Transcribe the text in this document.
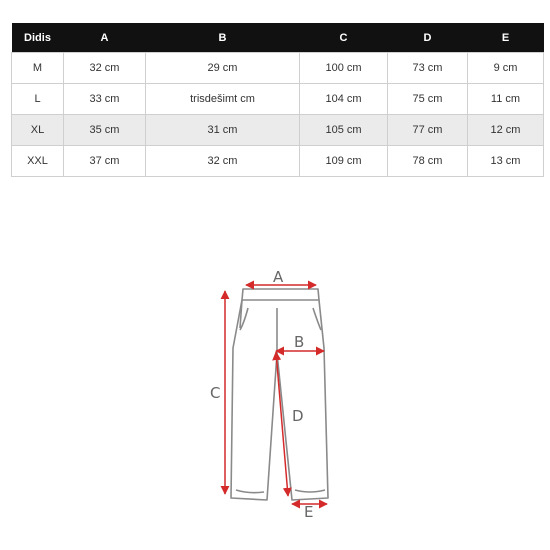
Didis	A	B	C	D	E
M	32 cm	29 cm	100 cm	73 cm	9 cm
L	33 cm	trisdešimt cm	104 cm	75 cm	11 cm
XL	35 cm	31 cm	105 cm	77 cm	12 cm
XXL	37 cm	32 cm	109 cm	78 cm	13 cm
A
B
C
D
E
